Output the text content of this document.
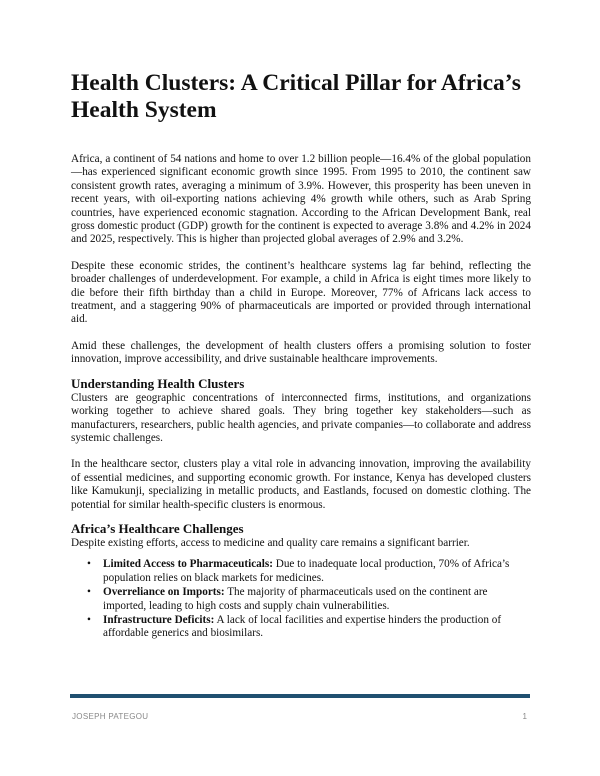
Health Clusters: A Critical Pillar for Africa’s Health System

Africa, a continent of 54 nations and home to over 1.2 billion people—16.4% of the global population—has experienced significant economic growth since 1995. From 1995 to 2010, the continent saw consistent growth rates, averaging a minimum of 3.9%. However, this prosperity has been uneven in recent years, with oil-exporting nations achieving 4% growth while others, such as Arab Spring countries, have experienced economic stagnation. According to the African Development Bank, real gross domestic product (GDP) growth for the continent is expected to average 3.8% and 4.2% in 2024 and 2025, respectively. This is higher than projected global averages of 2.9% and 3.2%.

Despite these economic strides, the continent’s healthcare systems lag far behind, reflecting the broader challenges of underdevelopment. For example, a child in Africa is eight times more likely to die before their fifth birthday than a child in Europe. Moreover, 77% of Africans lack access to treatment, and a staggering 90% of pharmaceuticals are imported or provided through international aid.

Amid these challenges, the development of health clusters offers a promising solution to foster innovation, improve accessibility, and drive sustainable healthcare improvements.

Understanding Health Clusters

Clusters are geographic concentrations of interconnected firms, institutions, and organizations working together to achieve shared goals. They bring together key stakeholders—such as manufacturers, researchers, public health agencies, and private companies—to collaborate and address systemic challenges.

In the healthcare sector, clusters play a vital role in advancing innovation, improving the availability of essential medicines, and supporting economic growth. For instance, Kenya has developed clusters like Kamukunji, specializing in metallic products, and Eastlands, focused on domestic clothing. The potential for similar health-specific clusters is enormous.

Africa’s Healthcare Challenges

Despite existing efforts, access to medicine and quality care remains a significant barrier.

• Limited Access to Pharmaceuticals: Due to inadequate local production, 70% of Africa’s population relies on black markets for medicines.
• Overreliance on Imports: The majority of pharmaceuticals used on the continent are imported, leading to high costs and supply chain vulnerabilities.
• Infrastructure Deficits: A lack of local facilities and expertise hinders the production of affordable generics and biosimilars.
JOSEPH PATEGOU	1
